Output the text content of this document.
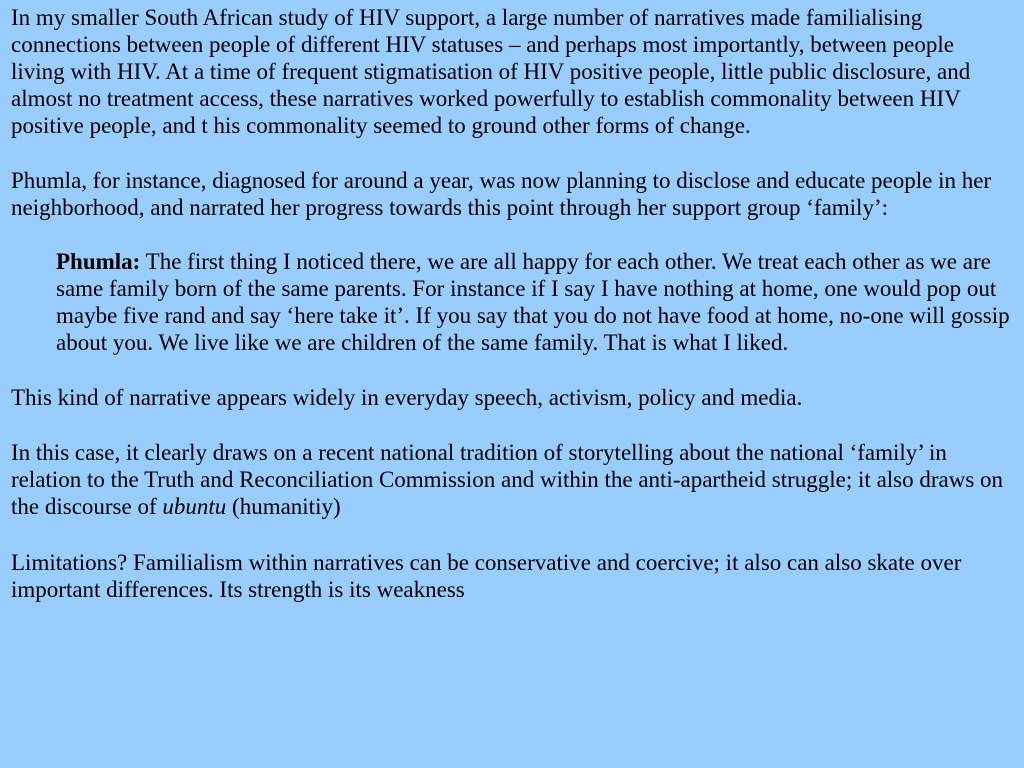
In my smaller South African study of HIV support, a large number of narratives made familialising connections between people of different HIV statuses – and perhaps most importantly, between people living with HIV. At a time of frequent stigmatisation of HIV positive people, little public disclosure, and almost no treatment access, these narratives worked powerfully to establish commonality between HIV positive people, and t his commonality seemed to ground other forms of change.

Phumla, for instance, diagnosed for around a year, was now planning to disclose and educate people in her neighborhood, and narrated her progress towards this point through her support group ‘family’:

Phumla: The first thing I noticed there, we are all happy for each other. We treat each other as we are same family born of the same parents. For instance if I say I have nothing at home, one would pop out maybe five rand and say ‘here take it’. If you say that you do not have food at home, no-one will gossip about you. We live like we are children of the same family. That is what I liked.

This kind of narrative appears widely in everyday speech, activism, policy and media.

In this case, it clearly draws on a recent national tradition of storytelling about the national ‘family’ in relation to the Truth and Reconciliation Commission and within the anti-apartheid struggle; it also draws on the discourse of ubuntu (humanitiy)

Limitations? Familialism within narratives can be conservative and coercive; it also can also skate over important differences. Its strength is its weakness
